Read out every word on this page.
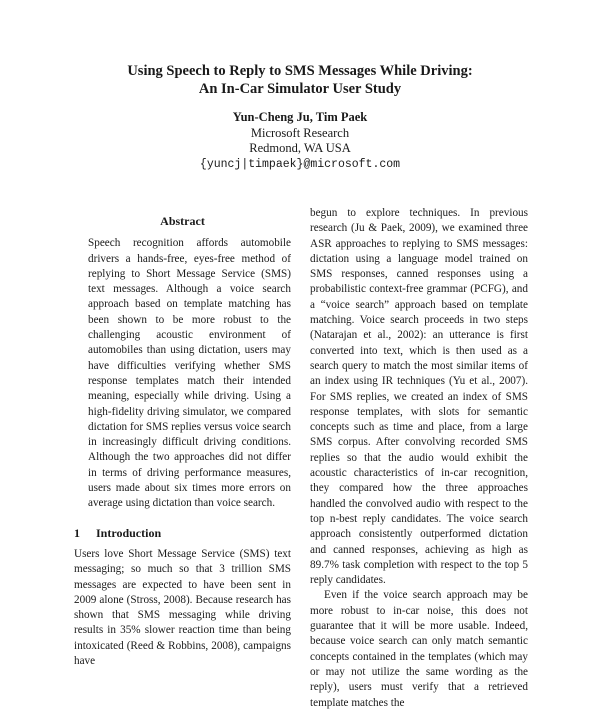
Using Speech to Reply to SMS Messages While Driving:
An In-Car Simulator User Study
Yun-Cheng Ju, Tim Paek
Microsoft Research
Redmond, WA USA
{yuncj|timpaek}@microsoft.com
Abstract

Speech recognition affords automobile drivers a hands-free, eyes-free method of replying to Short Message Service (SMS) text messages. Although a voice search approach based on template matching has been shown to be more robust to the challenging acoustic environment of automobiles than using dictation, users may have difficulties verifying whether SMS response templates match their intended meaning, especially while driving. Using a high-fidelity driving simulator, we compared dictation for SMS replies versus voice search in increasingly difficult driving conditions. Although the two approaches did not differ in terms of driving performance measures, users made about six times more errors on average using dictation than voice search.

1 Introduction

Users love Short Message Service (SMS) text messaging; so much so that 3 trillion SMS messages are expected to have been sent in 2009 alone (Stross, 2008). Because research has shown that SMS messaging while driving results in 35% slower reaction time than being intoxicated (Reed & Robbins, 2008), campaigns have

begun to explore techniques. In previous research (Ju & Paek, 2009), we examined three ASR approaches to replying to SMS messages: dictation using a language model trained on SMS responses, canned responses using a probabilistic context-free grammar (PCFG), and a “voice search” approach based on template matching. Voice search proceeds in two steps (Natarajan et al., 2002): an utterance is first converted into text, which is then used as a search query to match the most similar items of an index using IR techniques (Yu et al., 2007). For SMS replies, we created an index of SMS response templates, with slots for semantic concepts such as time and place, from a large SMS corpus. After convolving recorded SMS replies so that the audio would exhibit the acoustic characteristics of in-car recognition, they compared how the three approaches handled the convolved audio with respect to the top n-best reply candidates. The voice search approach consistently outperformed dictation and canned responses, achieving as high as 89.7% task completion with respect to the top 5 reply candidates.

Even if the voice search approach may be more robust to in-car noise, this does not guarantee that it will be more usable. Indeed, because voice search can only match semantic concepts contained in the templates (which may or may not utilize the same wording as the reply), users must verify that a retrieved template matches the
